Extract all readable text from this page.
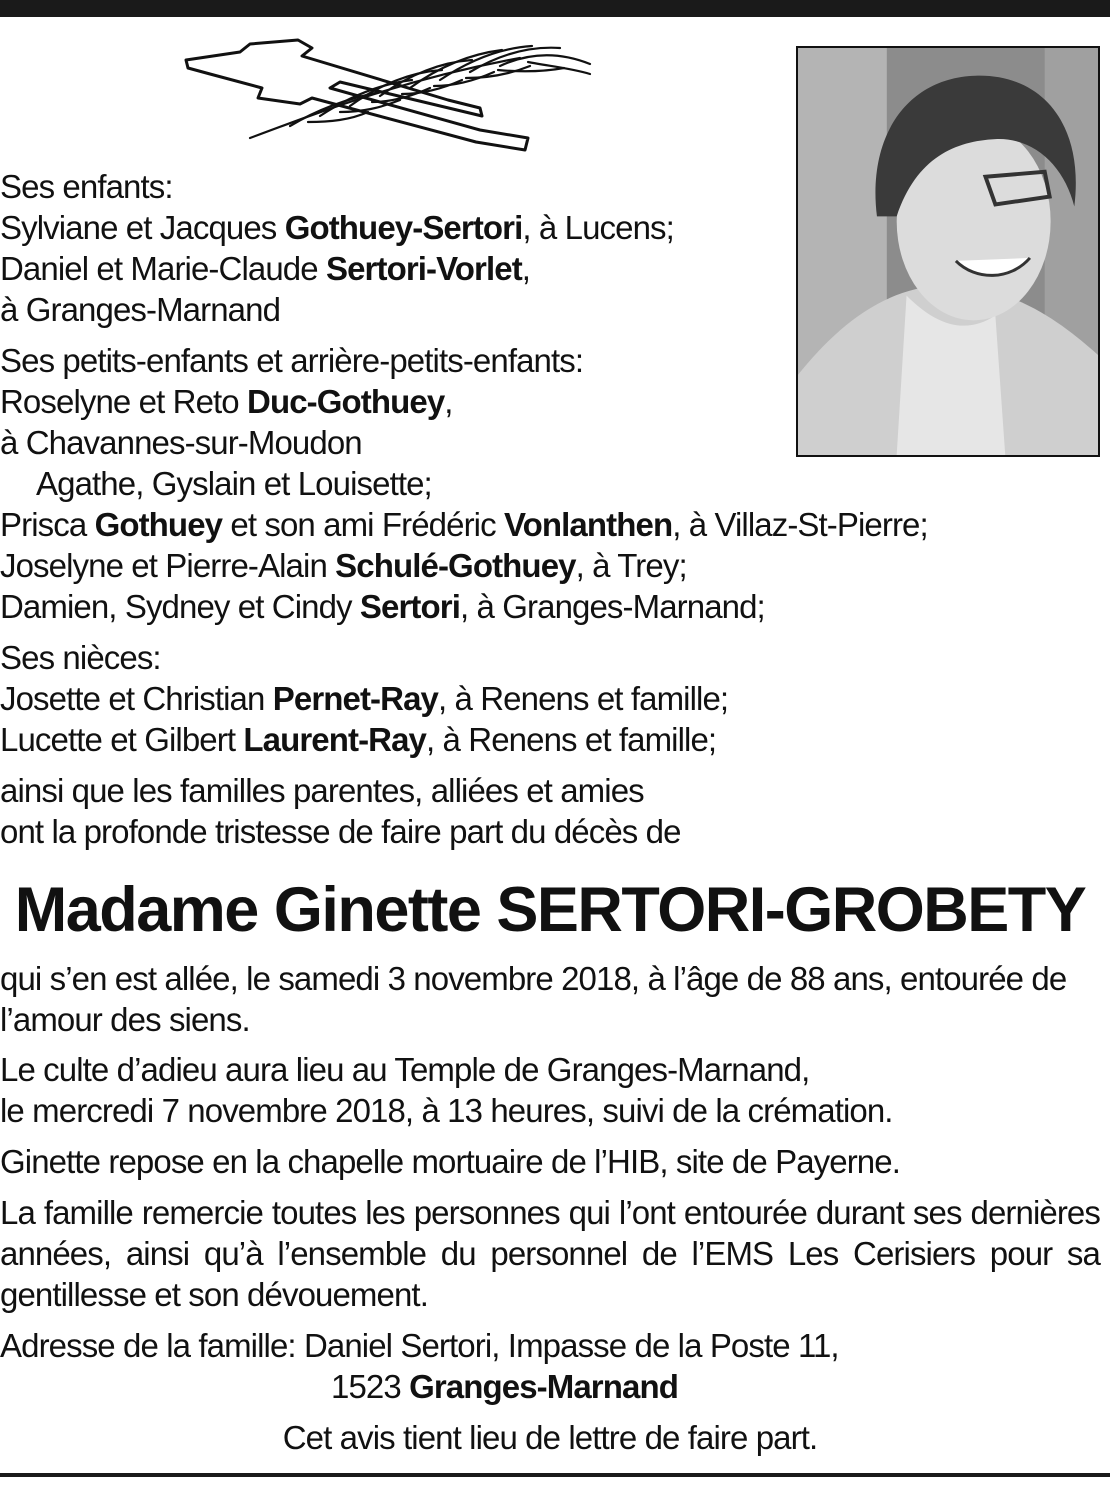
Ses enfants:
Sylviane et Jacques Gothuey-Sertori, à Lucens;
Daniel et Marie-Claude Sertori-Vorlet,
à Granges-Marnand
Ses petits-enfants et arrière-petits-enfants:
Roselyne et Reto Duc-Gothuey,
à Chavannes-sur-Moudon
Agathe, Gyslain et Louisette;
Prisca Gothuey et son ami Frédéric Vonlanthen, à Villaz-St-Pierre;
Joselyne et Pierre-Alain Schulé-Gothuey, à Trey;
Damien, Sydney et Cindy Sertori, à Granges-Marnand;
Ses nièces:
Josette et Christian Pernet-Ray, à Renens et famille;
Lucette et Gilbert Laurent-Ray, à Renens et famille;
ainsi que les familles parentes, alliées et amies
ont la profonde tristesse de faire part du décès de
Madame Ginette SERTORI-GROBETY
qui s’en est allée, le samedi 3 novembre 2018, à l’âge de 88 ans, entourée de l’amour des siens.
Le culte d’adieu aura lieu au Temple de Granges-Marnand,
le mercredi 7 novembre 2018, à 13 heures, suivi de la crémation.
Ginette repose en la chapelle mortuaire de l’HIB, site de Payerne.
La famille remercie toutes les personnes qui l’ont entourée durant ses dernières années, ainsi qu’à l’ensemble du personnel de l’EMS Les Cerisiers pour sa gentillesse et son dévouement.
Adresse de la famille: Daniel Sertori, Impasse de la Poste 11,
1523 Granges-Marnand
Cet avis tient lieu de lettre de faire part.
